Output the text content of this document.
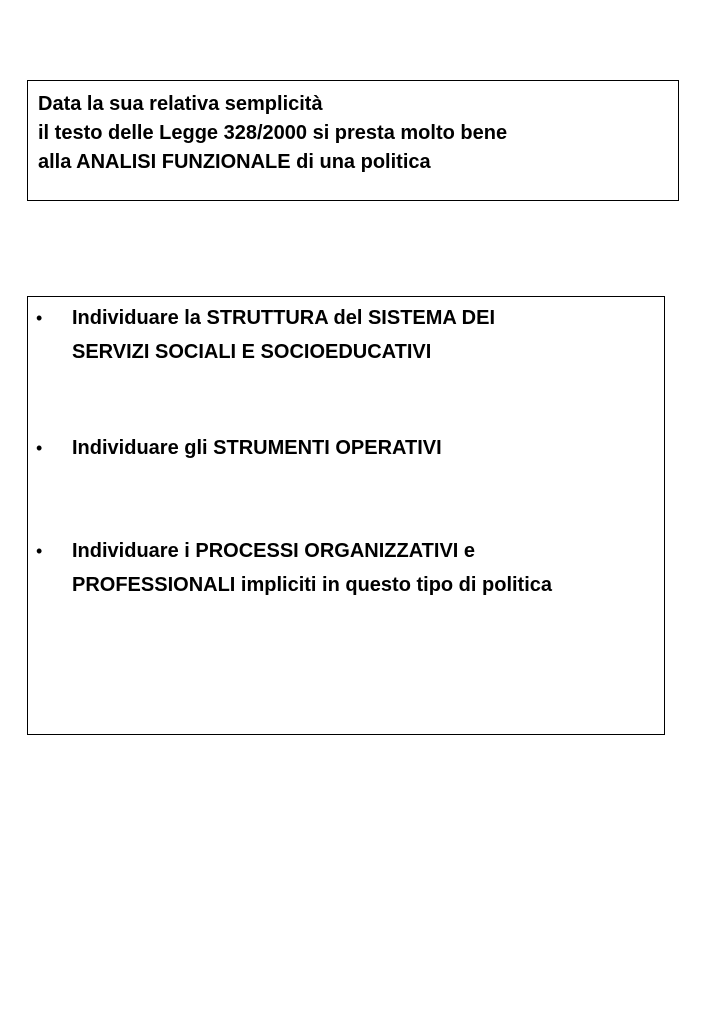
Data la sua relativa semplicità
il testo delle Legge 328/2000 si presta molto bene
alla ANALISI FUNZIONALE di una politica
• Individuare la STRUTTURA del SISTEMA DEI
SERVIZI SOCIALI E SOCIOEDUCATIVI
• Individuare gli STRUMENTI OPERATIVI
• Individuare i PROCESSI ORGANIZZATIVI e
PROFESSIONALI impliciti in questo tipo di politica
